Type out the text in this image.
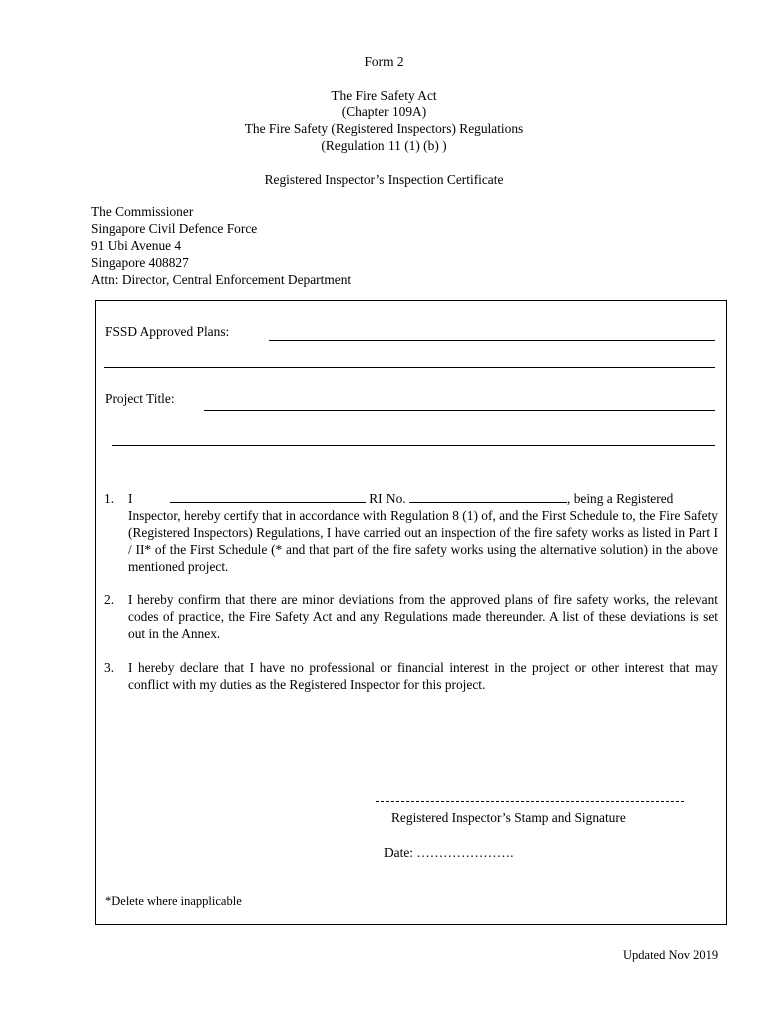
Form 2
The Fire Safety Act
(Chapter 109A)
The Fire Safety (Registered Inspectors) Regulations
(Regulation 11 (1) (b) )
Registered Inspector’s Inspection Certificate
The Commissioner
Singapore Civil Defence Force
91 Ubi Avenue 4
Singapore 408827
Attn: Director, Central Enforcement Department
FSSD Approved Plans:
Project Title:
1. I	RI No.	, being a Registered
Inspector, hereby certify that in accordance with Regulation 8 (1) of, and the First Schedule to, the Fire Safety (Registered Inspectors) Regulations, I have carried out an inspection of the fire safety works as listed in Part I / II* of the First Schedule (* and that part of the fire safety works using the alternative solution) in the above mentioned project.
2. I hereby confirm that there are minor deviations from the approved plans of fire safety works, the relevant codes of practice, the Fire Safety Act and any Regulations made thereunder. A list of these deviations is set out in the Annex.
3. I hereby declare that I have no professional or financial interest in the project or other interest that may conflict with my duties as the Registered Inspector for this project.
Registered Inspector’s Stamp and Signature
Date: ………………….
*Delete where inapplicable
Updated Nov 2019
